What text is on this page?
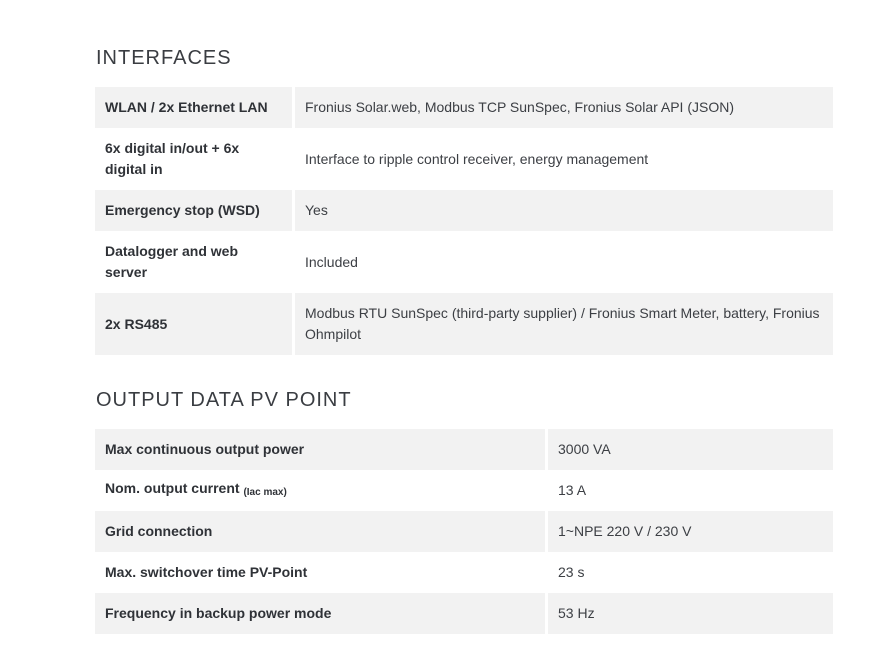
INTERFACES
WLAN / 2x Ethernet LAN	Fronius Solar.web, Modbus TCP SunSpec, Fronius Solar API (JSON)
6x digital in/out + 6x digital in	Interface to ripple control receiver, energy management
Emergency stop (WSD)	Yes
Datalogger and web server	Included
2x RS485	Modbus RTU SunSpec (third-party supplier) / Fronius Smart Meter, battery, Fronius Ohmpilot
OUTPUT DATA PV POINT
Max continuous output power	3000 VA
Nom. output current $_{(Iac max)}$	13 A
Grid connection	1~NPE 220 V / 230 V
Max. switchover time PV-Point	23 s
Frequency in backup power mode	53 Hz
